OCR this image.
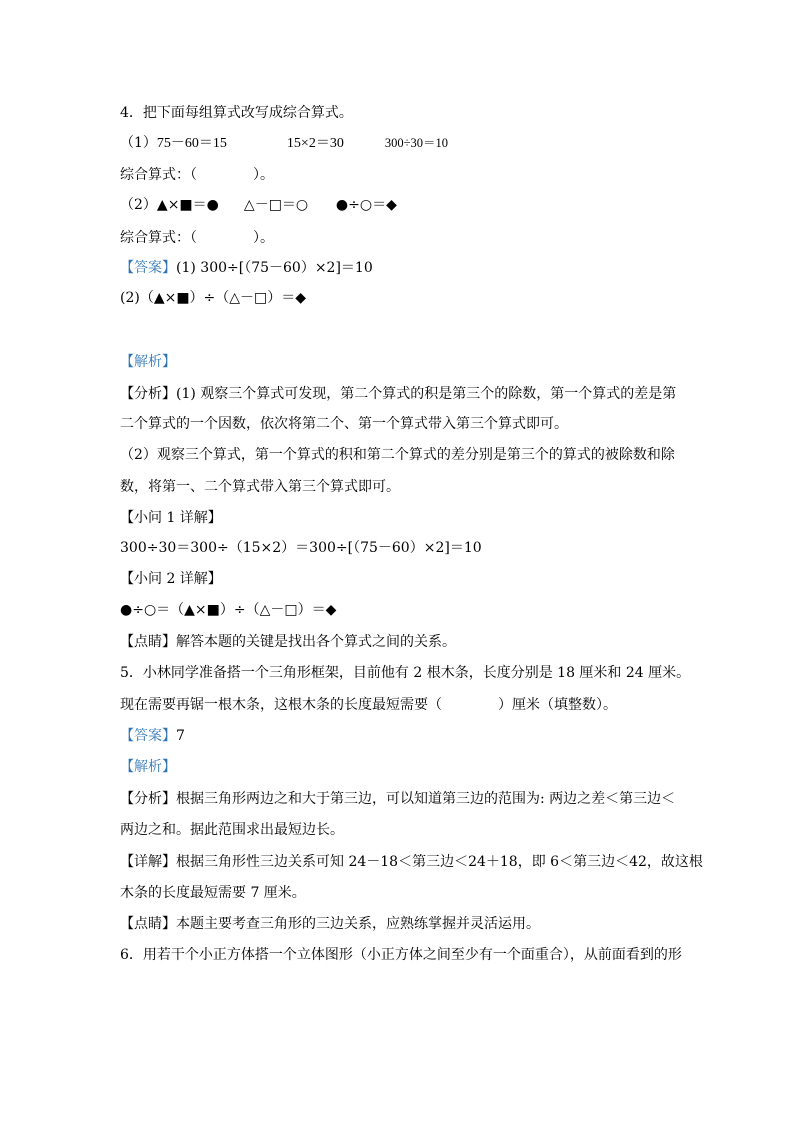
4．把下面每组算式改写成综合算式。
（1）75－60＝15	15×2＝30	300÷30＝10
综合算式：（　　　　）。
（2）▲×■＝● △－□＝○ ●÷○＝◆
综合算式：（　　　　）。
【答案】(1) 300÷[（75－60）×2]＝10
(2)（▲×■）÷（△－□）＝◆
【解析】
【分析】(1) 观察三个算式可发现，第二个算式的积是第三个的除数，第一个算式的差是第
二个算式的一个因数，依次将第二个、第一个算式带入第三个算式即可。
（2）观察三个算式，第一个算式的积和第二个算式的差分别是第三个的算式的被除数和除
数，将第一、二个算式带入第三个算式即可。
【小问 1 详解】
300÷30＝300÷（15×2）＝300÷[（75－60）×2]＝10
【小问 2 详解】
●÷○＝（▲×■）÷（△－□）＝◆
【点睛】解答本题的关键是找出各个算式之间的关系。
5．小林同学准备搭一个三角形框架，目前他有 2 根木条，长度分别是 18 厘米和 24 厘米。
现在需要再锯一根木条，这根木条的长度最短需要（　　　　）厘米（填整数）。
【答案】7
【解析】
【分析】根据三角形两边之和大于第三边，可以知道第三边的范围为: 两边之差＜第三边＜
两边之和。据此范围求出最短边长。
【详解】根据三角形性三边关系可知 24－18＜第三边＜24＋18，即 6＜第三边＜42，故这根
木条的长度最短需要 7 厘米。
【点睛】本题主要考查三角形的三边关系，应熟练掌握并灵活运用。
6．用若干个小正方体搭一个立体图形（小正方体之间至少有一个面重合），从前面看到的形
